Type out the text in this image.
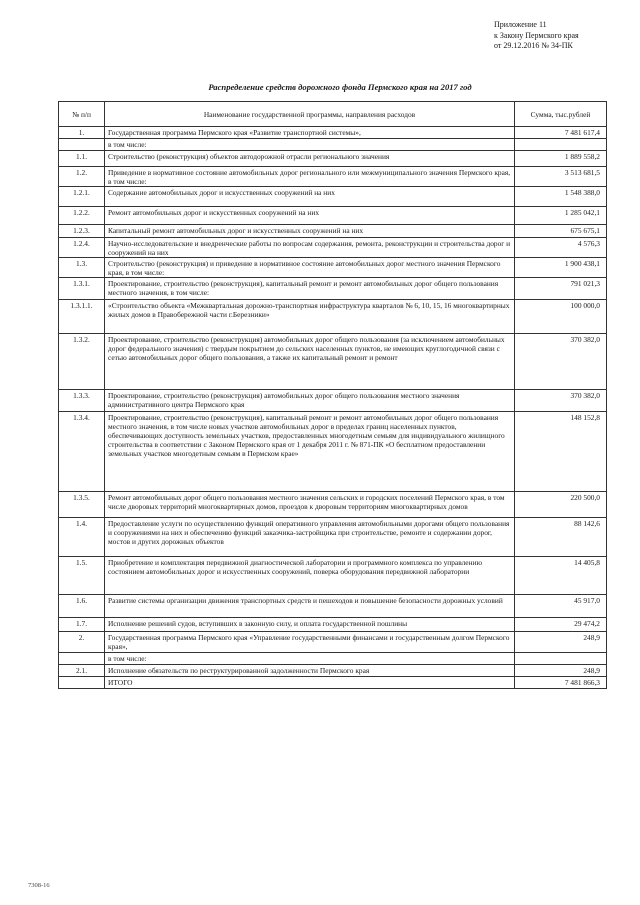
Приложение 11
к Закону Пермского края
от 29.12.2016 № 34-ПК
Распределение средств дорожного фонда Пермского края на 2017 год
№ п/п	Наименование государственной программы, направления расходов	Сумма, тыс.рублей
1.	Государственная программа Пермского края «Развитие транспортной системы»,	7 481 617,4
	в том числе:	
1.1.	Строительство (реконструкция) объектов автодорожной отрасли регионального значения	1 889 558,2
1.2.	Приведение в нормативное состояние автомобильных дорог регионального или межмуниципального значения Пермского края, в том числе:	3 513 681,5
1.2.1.	Содержание автомобильных дорог и искусственных сооружений на них	1 548 388,0
1.2.2.	Ремонт автомобильных дорог и искусственных сооружений на них	1 285 042,1
1.2.3.	Капитальный ремонт автомобильных дорог и искусственных сооружений на них	675 675,1
1.2.4.	Научно-исследовательские и внедренческие работы по вопросам содержания, ремонта, реконструкции и строительства дорог и сооружений на них	4 576,3
1.3.	Строительство (реконструкция) и приведение в нормативное состояние автомобильных дорог местного значения Пермского края, в том числе:	1 900 438,1
1.3.1.	Проектирование, строительство (реконструкция), капитальный ремонт и ремонт автомобильных дорог общего пользования местного значения, в том числе:	791 021,3
1.3.1.1.	«Строительство объекта «Межквартальная дорожно-транспортная инфраструктура кварталов № 6, 10, 15, 16 многоквартирных жилых домов в Правобережной части г.Березники»	100 000,0
1.3.2.	Проектирование, строительство (реконструкция) автомобильных дорог общего пользования (за исключением автомобильных дорог федерального значения) с твердым покрытием до сельских населенных пунктов, не имеющих круглогодичной связи с сетью автомобильных дорог общего пользования, а также их капитальный ремонт и ремонт	370 382,0
1.3.3.	Проектирование, строительство (реконструкция) автомобильных дорог общего пользования местного значения административного центра Пермского края	370 382,0
1.3.4.	Проектирование, строительство (реконструкция), капитальный ремонт и ремонт автомобильных дорог общего пользования местного значения, в том числе новых участков автомобильных дорог в пределах границ населенных пунктов, обеспечивающих доступность земельных участков, предоставленных многодетным семьям для индивидуального жилищного строительства в соответствии с Законом Пермского края от 1 декабря 2011 г. № 871-ПК «О бесплатном предоставлении земельных участков многодетным семьям в Пермском крае»	148 152,8
1.3.5.	Ремонт автомобильных дорог общего пользования местного значения сельских и городских поселений Пермского края, в том числе дворовых территорий многоквартирных домов, проездов к дворовым территориям многоквартирных домов	220 500,0
1.4.	Предоставление услуги по осуществлению функций оперативного управления автомобильными дорогами общего пользования и сооружениями на них и обеспечению функций заказчика-застройщика при строительстве, ремонте и содержании дорог, мостов и других дорожных объектов	88 142,6
1.5.	Приобретение и комплектация передвижной диагностической лаборатории и программного комплекса по управлению состоянием автомобильных дорог и искусственных сооружений, поверка оборудования передвижной лаборатории	14 405,8
1.6.	Развитие системы организации движения транспортных средств и пешеходов и повышение безопасности дорожных условий	45 917,0
1.7.	Исполнение решений судов, вступивших в законную силу, и оплата государственной пошлины	29 474,2
2.	Государственная программа Пермского края «Управление государственными финансами и государственным долгом Пермского края»,	248,9
	в том числе:	
2.1.	Исполнение обязательств по реструктурированной задолженности Пермского края	248,9
	ИТОГО	7 481 866,3
7308-16
